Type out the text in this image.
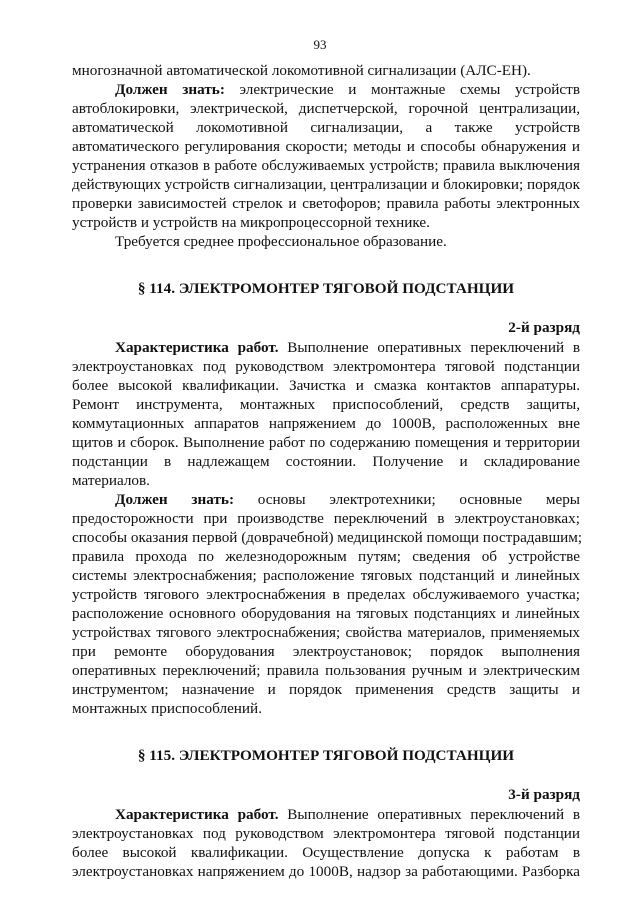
93
многозначной автоматической локомотивной сигнализации (АЛС-ЕН).
Должен знать: электрические и монтажные схемы устройств
автоблокировки, электрической, диспетчерской, горочной централизации,
автоматической локомотивной сигнализации, а также устройств
автоматического регулирования скорости; методы и способы обнаружения и
устранения отказов в работе обслуживаемых устройств; правила выключения
действующих устройств сигнализации, централизации и блокировки; порядок
проверки зависимостей стрелок и светофоров; правила работы электронных
устройств и устройств на микропроцессорной технике.
Требуется среднее профессиональное образование.
§ 114. ЭЛЕКТРОМОНТЕР ТЯГОВОЙ ПОДСТАНЦИИ
2-й разряд
Характеристика работ. Выполнение оперативных переключений в
электроустановках под руководством электромонтера тяговой подстанции
более высокой квалификации. Зачистка и смазка контактов аппаратуры.
Ремонт инструмента, монтажных приспособлений, средств защиты,
коммутационных аппаратов напряжением до 1000В, расположенных вне
щитов и сборок. Выполнение работ по содержанию помещения и территории
подстанции в надлежащем состоянии. Получение и складирование
материалов.
Должен знать: основы электротехники; основные меры
предосторожности при производстве переключений в электроустановках;
способы оказания первой (доврачебной) медицинской помощи пострадавшим;
правила прохода по железнодорожным путям; сведения об устройстве
системы электроснабжения; расположение тяговых подстанций и линейных
устройств тягового электроснабжения в пределах обслуживаемого участка;
расположение основного оборудования на тяговых подстанциях и линейных
устройствах тягового электроснабжения; свойства материалов, применяемых
при ремонте оборудования электроустановок; порядок выполнения
оперативных переключений; правила пользования ручным и электрическим
инструментом; назначение и порядок применения средств защиты и
монтажных приспособлений.
§ 115. ЭЛЕКТРОМОНТЕР ТЯГОВОЙ ПОДСТАНЦИИ
3-й разряд
Характеристика работ. Выполнение оперативных переключений в
электроустановках под руководством электромонтера тяговой подстанции
более высокой квалификации. Осуществление допуска к работам в
электроустановках напряжением до 1000В, надзор за работающими. Разборка
